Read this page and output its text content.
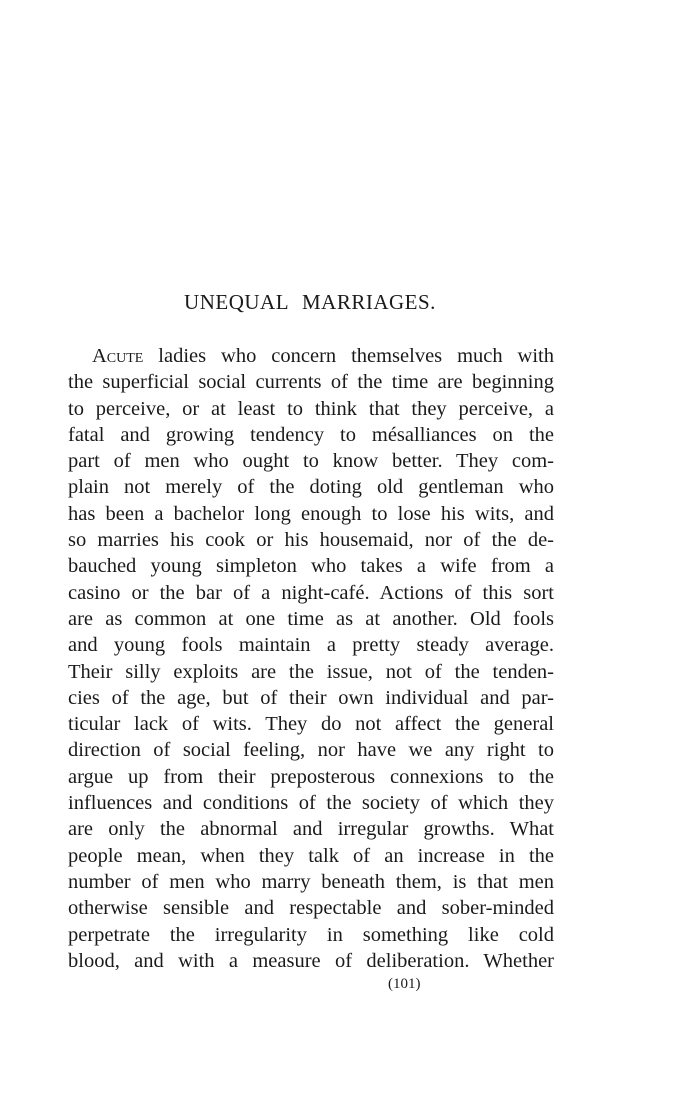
UNEQUAL MARRIAGES.
Acute ladies who concern themselves much with
the superficial social currents of the time are beginning
to perceive, or at least to think that they perceive, a
fatal and growing tendency to mésalliances on the
part of men who ought to know better. They com-
plain not merely of the doting old gentleman who
has been a bachelor long enough to lose his wits, and
so marries his cook or his housemaid, nor of the de-
bauched young simpleton who takes a wife from a
casino or the bar of a night-café. Actions of this sort
are as common at one time as at another. Old fools
and young fools maintain a pretty steady average.
Their silly exploits are the issue, not of the tenden-
cies of the age, but of their own individual and par-
ticular lack of wits. They do not affect the general
direction of social feeling, nor have we any right to
argue up from their preposterous connexions to the
influences and conditions of the society of which they
are only the abnormal and irregular growths. What
people mean, when they talk of an increase in the
number of men who marry beneath them, is that men
otherwise sensible and respectable and sober-minded
perpetrate the irregularity in something like cold
blood, and with a measure of deliberation. Whether
(101)
